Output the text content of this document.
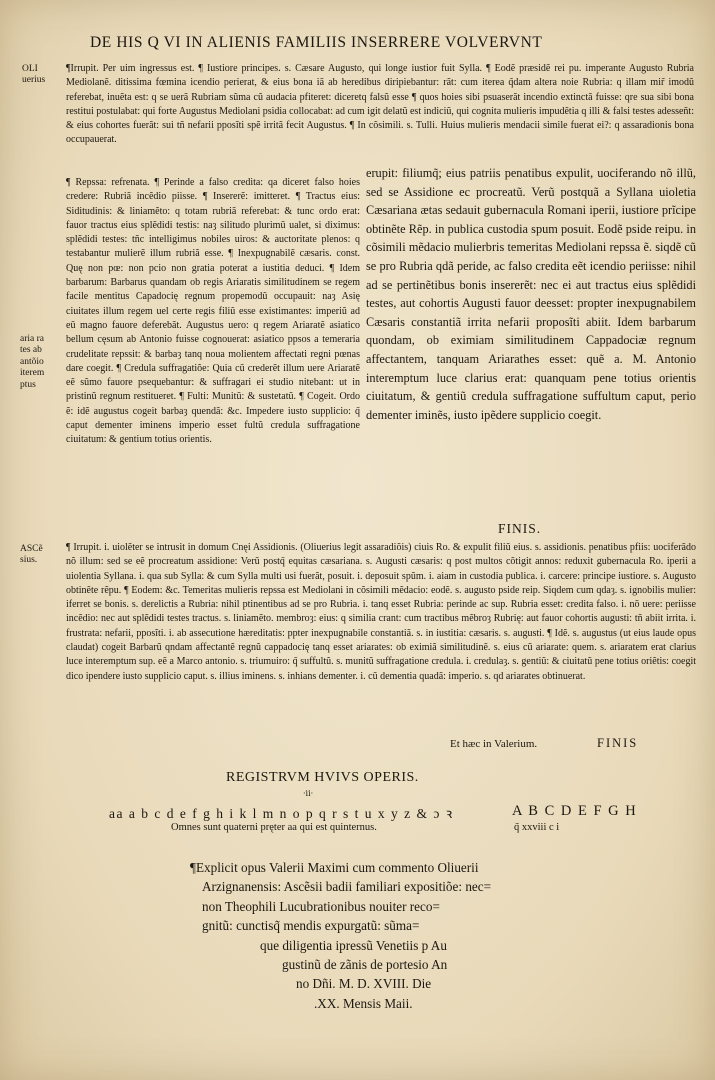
DE HIS Q VI IN ALIENIS FAMILIIS INSERRERE VOLVERVNT
OLI
uerius
aria ra
tes ab
antõio
iterem
ptus
ASCẽ
sius.
¶Irrupit. Per uim ingressus est. ¶ Iustiore principes. s. Cæsare Augusto, qui longe iustior fuit Sylla. ¶ Eodẽ præsidẽ rei pu. imperante Augusto Rubria Mediolanẽ. ditissima fœmina icendio perierat, & eius bona iã ab heredibus diripiebantur: rãt: cum iterea q̃dam altera noie Rubria: q illam mir̃ imodũ referebat, inuẽta est: q se uerã Rubriam sũma cũ audacia pfiteret: diceretq falsũ esse ¶ quos hoies sibi psuaserãt incendio extinctã fuisse: qre sua sibi bona restitui postulabat: qui forte Augustus Mediolani psidia collocabat: ad cum igit delatũ est indiciũ, qui cognita mulieris impudẽtia q illi & falsi testes adesseñt: & eius cohortes fuerãt: sui tñ nefarii pposĩti spẽ irritã fecit Augustus. ¶ In cõsimili. s. Tulli. Huius mulieris mendacii simile fuerat ei?: q assaradionis bona occupauerat.
¶ Repssa: refrenata. ¶ Perinde a falso credita: qa diceret falso hoies credere: Rubriã incẽdio piisse. ¶ Insererẽ: imitteret. ¶ Tractus eius: Siditudinis: & liniamẽto: q totam rubriã referebat: & tunc ordo erat: fauor tractus eius splẽdidi testis: naȝ silitudo plurimũ ualet, si diximus: splẽdidi testes: tñc intelligimus nobiles uiros: & auctoritate plenos: q testabantur mulierẽ illum rubriã esse. ¶ Inexpugnabilẽ cæsaris. const. Quę non pœ: non pcio non gratia poterat a iustitia deduci. ¶ Idem barbarum: Barbarus quandam ob regis Ariaratis similitudinem se regem facile mentitus Capadocię regnum propemodũ occupauit: naȝ Asię ciuitates illum regem uel certe regis filiũ esse existimantes: imperiũ ad eũ magno fauore deferebãt. Augustus uero: q regem Ariaratẽ asiatico bellum cęsum ab Antonio fuisse cognouerat: asiatico ppsos a temeraria crudelitate repssit: & barbaȝ tanq noua molientem affectati regni pœnas dare coegit. ¶ Credula suffragatiõe: Quia cũ crederẽt illum uere Ariaratẽ eẽ sũmo fauore psequebantur: & suffragari ei studio nitebant: ut in pristinũ regnum restitueret. ¶ Fulti: Munitũ: & sustetatũ. ¶ Cogeit. Ordo ẽ: idẽ augustus cogeit barbaȝ quendã: &c. Impedere iusto supplicio: q̃ caput dementer iminens imperio esset fultũ credula suffragatione ciuitatum: & gentium totius orientis.
erupit: filiumq̃; eius patriis penatibus expulit, uociferando nõ illũ, sed se Assidione ec procreatũ. Verũ postquã a Syllana uioletia Cæsariana ætas sedauit gubernacula Romani iperii, iustiore prĩcipe obtinẽte Rẽp. in publica custodia spum posuit. Eodẽ pside reipu. in cõsimili mẽdacio mulierbris temeritas Mediolani repssa ẽ. siqdẽ cũ se pro Rubria qdã peride, ac falso credita eẽt icendio periisse: nihil ad se pertinẽtibus bonis insererẽt: nec ei aut tractus eius splẽdidi testes, aut cohortis Augusti fauor deesset: propter inexpugnabilem Cæsaris constantiã irrita nefarii proposĩti abiit. Idem barbarum quondam, ob eximiam similitudinem Cappadociæ regnum affectantem, tanquam Ariarathes esset: quẽ a. M. Antonio interemptum luce clarius erat: quanquam pene totius orientis ciuitatum, & gentiũ credula suffragatione suffultum caput, perio dementer iminẽs, iusto ipẽdere supplicio coegit.
FINIS.
¶ Irrupit. i. uiolẽter se intrusit in domum Cnęi Assidionis. (Oliuerius legit assaradiõis) ciuis Ro. & expulit filiũ eius. s. assidionis. penatibus pfiis: uociferãdo nõ illum: sed se eẽ procreatum assidione: Verũ postq̃ equitas cæsariana. s. Augusti cæsaris: q post multos cõtigit annos: reduxit gubernacula Ro. iperii a uiolentia Syllana. i. qua sub Sylla: & cum Sylla multi usi fuerãt, posuit. i. deposuit spũm. i. aiam in custodia publica. i. carcere: principe iustiore. s. Augusto obtinẽte rẽpu. ¶ Eodem: &c. Temeritas mulieris repssa est Mediolani in cõsimili mẽdacio: eodẽ. s. augusto pside reip. Siqdem cum qdaȝ. s. ignobilis mulier: iferret se bonis. s. derelictis a Rubria: nihil ptinentibus ad se pro Rubria. i. tanq esset Rubria: perinde ac sup. Rubria esset: credita falso. i. nõ uere: periisse incẽdio: nec aut splẽdidi testes tractus. s. liniamẽto. membroȝ: eius: q similia crant: cum tractibus mẽbroȝ Rubrię: aut fauor cohortis augusti: tñ abiit irrita. i. frustrata: nefarii, pposĩti. i. ab assecutione hæreditatis: ppter inexpugnabile constantiã. s. in iustitia: cæsaris. s. augusti. ¶ Idẽ. s. augustus (ut eius laude opus claudat) cogeit Barbarũ qndam affectantẽ regnũ cappadocię tanq esset ariarates: ob eximiã similitudinẽ. s. eius cũ ariarate: quem. s. ariaratem erat clarius luce interemptum sup. eẽ a Marco antonio. s. triumuiro: q̃ suffultũ. s. munitũ suffragatione credula. i. credulaȝ. s. gentiũ: & ciuitatũ pene totius oriẽtis: coegit dico ipendere iusto supplicio caput. s. illius iminens. s. inhians dementer. i. cũ dementia quadã: imperio. s. qd ariarates obtinuerat.
Et hæc in Valerium.	FINIS
REGISTRVM HVIVS OPERIS.
·ii·
aa a b c d e f g h i k l m n o p q r s t u x y z & ɔ ꝛ	A B C D E F G H
Omnes sunt quaterni pręter aa qui est quinternus.	q̃ xxviii c i
¶Explicit opus Valerii Maximi cum commento Oliuerii
Arzignanensis: Ascẽsii badii familiari expositiõe: nec=
non Theophili Lucubrationibus nouiter reco=
gnitũ: cunctisq̃ mendis expurgatũ: sũma=
que diligentia ipressũ Venetiis p Au
gustinũ de zãnis de portesio An
no Dñi. M. D. XVIII. Die
.XX. Mensis Maii.
